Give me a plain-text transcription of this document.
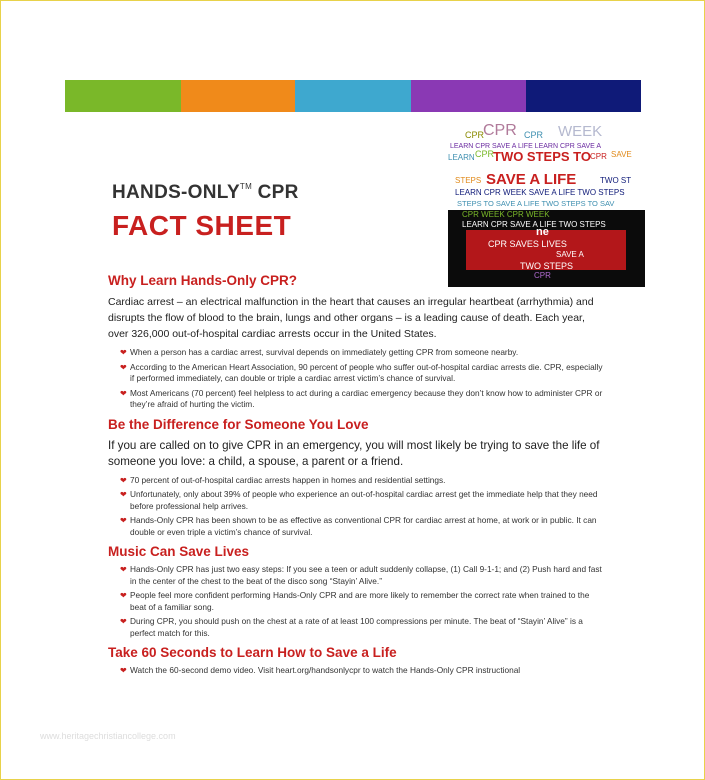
HANDS-ONLY™ CPR
FACT SHEET
CPR
CPR CPR WEEK
LEARN CPR SAVE A LIFE LEARN CPR SAVE A
LEARN CPR
TWO STEPS TO CPR SAVE
STEPS SAVE A LIFE	TWO ST
LEARN CPR WEEK SAVE A LIFE TWO STEPS
STEPS TO SAVE A LIFE TWO STEPS TO SAV
CPR WEEK CPR WEEK
LEARN CPR SAVE A LIFE TWO STEPS
ne
CPR SAVES LIVES
SAVE A
TWO STEPS
CPR
Why Learn Hands-Only CPR?

Cardiac arrest – an electrical malfunction in the heart that causes an irregular heartbeat (arrhythmia) and disrupts the flow of blood to the brain, lungs and other organs – is a leading cause of death. Each year, over 326,000 out-of-hospital cardiac arrests occur in the United States.

❤ When a person has a cardiac arrest, survival depends on immediately getting CPR from someone nearby.
❤ According to the American Heart Association, 90 percent of people who suffer out-of-hospital cardiac arrests die. CPR, especially if performed immediately, can double or triple a cardiac arrest victim’s chance of survival.
❤ Most Americans (70 percent) feel helpless to act during a cardiac emergency because they don’t know how to administer CPR or they’re afraid of hurting the victim.
Be the Difference for Someone You Love

If you are called on to give CPR in an emergency, you will most likely be trying to save the life of someone you love: a child, a spouse, a parent or a friend.

❤ 70 percent of out-of-hospital cardiac arrests happen in homes and residential settings.
❤ Unfortunately, only about 39% of people who experience an out-of-hospital cardiac arrest get the immediate help that they need before professional help arrives.
❤ Hands-Only CPR has been shown to be as effective as conventional CPR for cardiac arrest at home, at work or in public. It can double or even triple a victim’s chance of survival.
Music Can Save Lives
❤ Hands-Only CPR has just two easy steps: If you see a teen or adult suddenly collapse, (1) Call 9-1-1; and (2) Push hard and fast in the center of the chest to the beat of the disco song “Stayin’ Alive.”
❤ People feel more confident performing Hands-Only CPR and are more likely to remember the correct rate when trained to the beat of a familiar song.
❤ During CPR, you should push on the chest at a rate of at least 100 compressions per minute. The beat of “Stayin’ Alive” is a perfect match for this.
Take 60 Seconds to Learn How to Save a Life
❤ Watch the 60-second demo video. Visit heart.org/handsonlycpr to watch the Hands-Only CPR instructional
www.heritagechristiancollege.com
